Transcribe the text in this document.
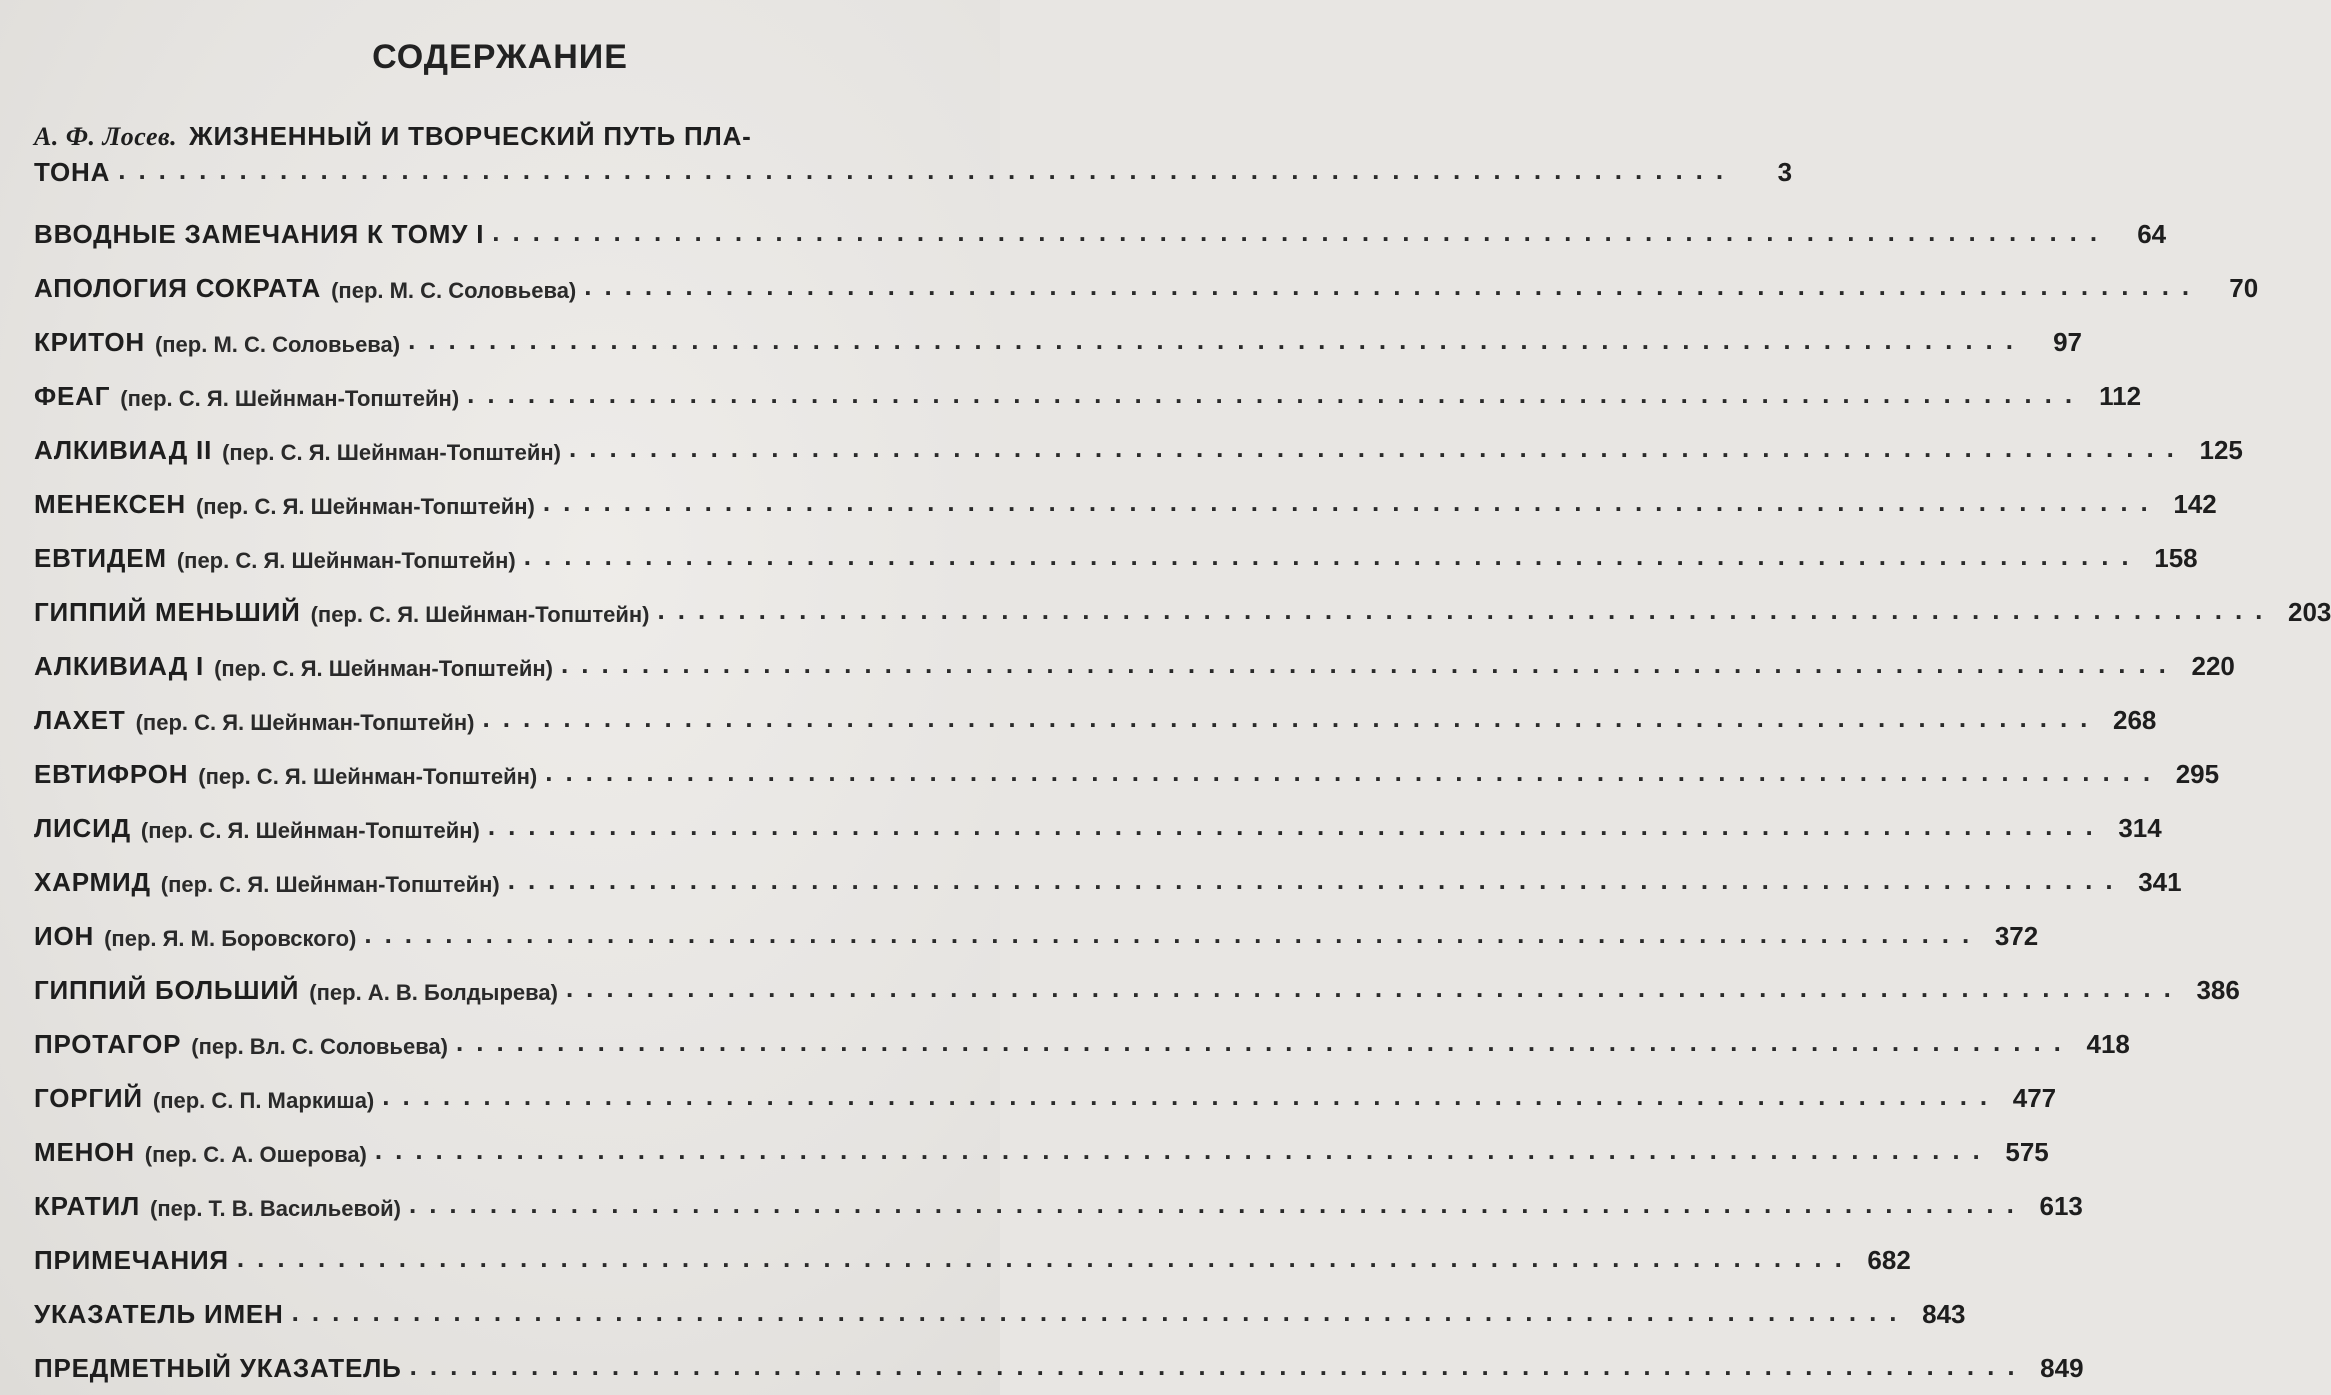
СОДЕРЖАНИЕ
А. Ф. Лосев. ЖИЗНЕННЫЙ И ТВОРЧЕСКИЙ ПУТЬ ПЛА-
ТОНА ................................................................................	3
ВВОДНЫЕ ЗАМЕЧАНИЯ К ТОМУ I ................................................................................	64
АПОЛОГИЯ СОКРАТА (пер. М. С. Соловьева) ................................................................................	70
КРИТОН (пер. М. С. Соловьева) ................................................................................	97
ФЕАГ (пер. С. Я. Шейнман-Топштейн) ................................................................................ 112
АЛКИВИАД II (пер. С. Я. Шейнман-Топштейн) ................................................................................ 125
МЕНЕКСЕН (пер. С. Я. Шейнман-Топштейн) ................................................................................ 142
ЕВТИДЕМ (пер. С. Я. Шейнман-Топштейн) ................................................................................ 158
ГИППИЙ МЕНЬШИЙ (пер. С. Я. Шейнман-Топштейн) ................................................................................ 203
АЛКИВИАД I (пер. С. Я. Шейнман-Топштейн) ................................................................................ 220
ЛАХЕТ (пер. С. Я. Шейнман-Топштейн) ................................................................................ 268
ЕВТИФРОН (пер. С. Я. Шейнман-Топштейн) ................................................................................ 295
ЛИСИД (пер. С. Я. Шейнман-Топштейн) ................................................................................ 314
ХАРМИД (пер. С. Я. Шейнман-Топштейн) ................................................................................ 341
ИОН (пер. Я. М. Боровского) ................................................................................ 372
ГИППИЙ БОЛЬШИЙ (пер. А. В. Болдырева) ................................................................................ 386
ПРОТАГОР (пер. Вл. С. Соловьева) ................................................................................ 418
ГОРГИЙ (пер. С. П. Маркиша) ................................................................................ 477
МЕНОН (пер. С. А. Ошерова) ................................................................................ 575
КРАТИЛ (пер. Т. В. Васильевой) ................................................................................ 613
ПРИМЕЧАНИЯ ................................................................................ 682
УКАЗАТЕЛЬ ИМЕН ................................................................................ 843
ПРЕДМЕТНЫЙ УКАЗАТЕЛЬ ................................................................................ 849
